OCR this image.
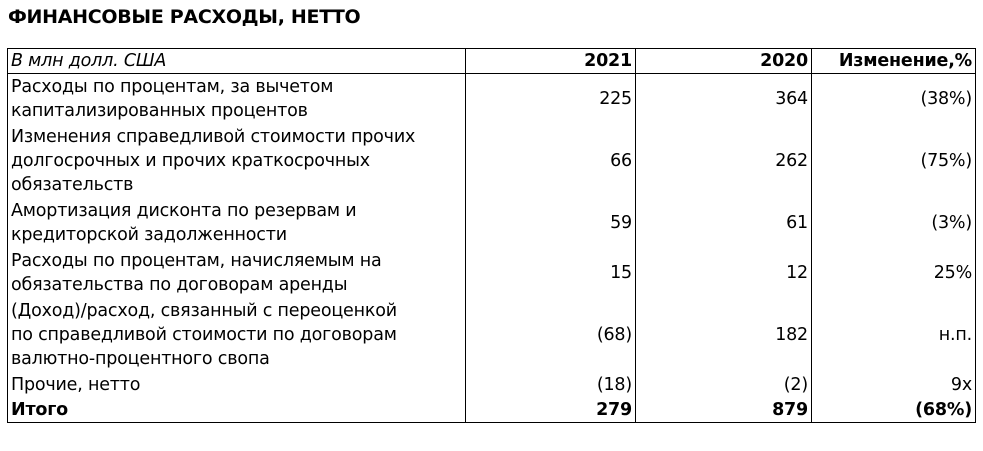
ФИНАНСОВЫЕ РАСХОДЫ, НЕТТО
В млн долл. США	2021	2020	Изменение,%

Расходы по процентам, за вычетом
капитализированных процентов	225	364	(38%)

Изменения справедливой стоимости прочих
долгосрочных и прочих краткосрочных
обязательств	66	262	(75%)

Амортизация дисконта по резервам и
кредиторской задолженности	59	61	(3%)

Расходы по процентам, начисляемым на
обязательства по договорам аренды	15	12	25%

(Доход)/расход, связанный с переоценкой
по справедливой стоимости по договорам
валютно-процентного свопа	(68)	182	н.п.

Прочие, нетто	(18)	(2)	9x
Итого	279	879	(68%)
